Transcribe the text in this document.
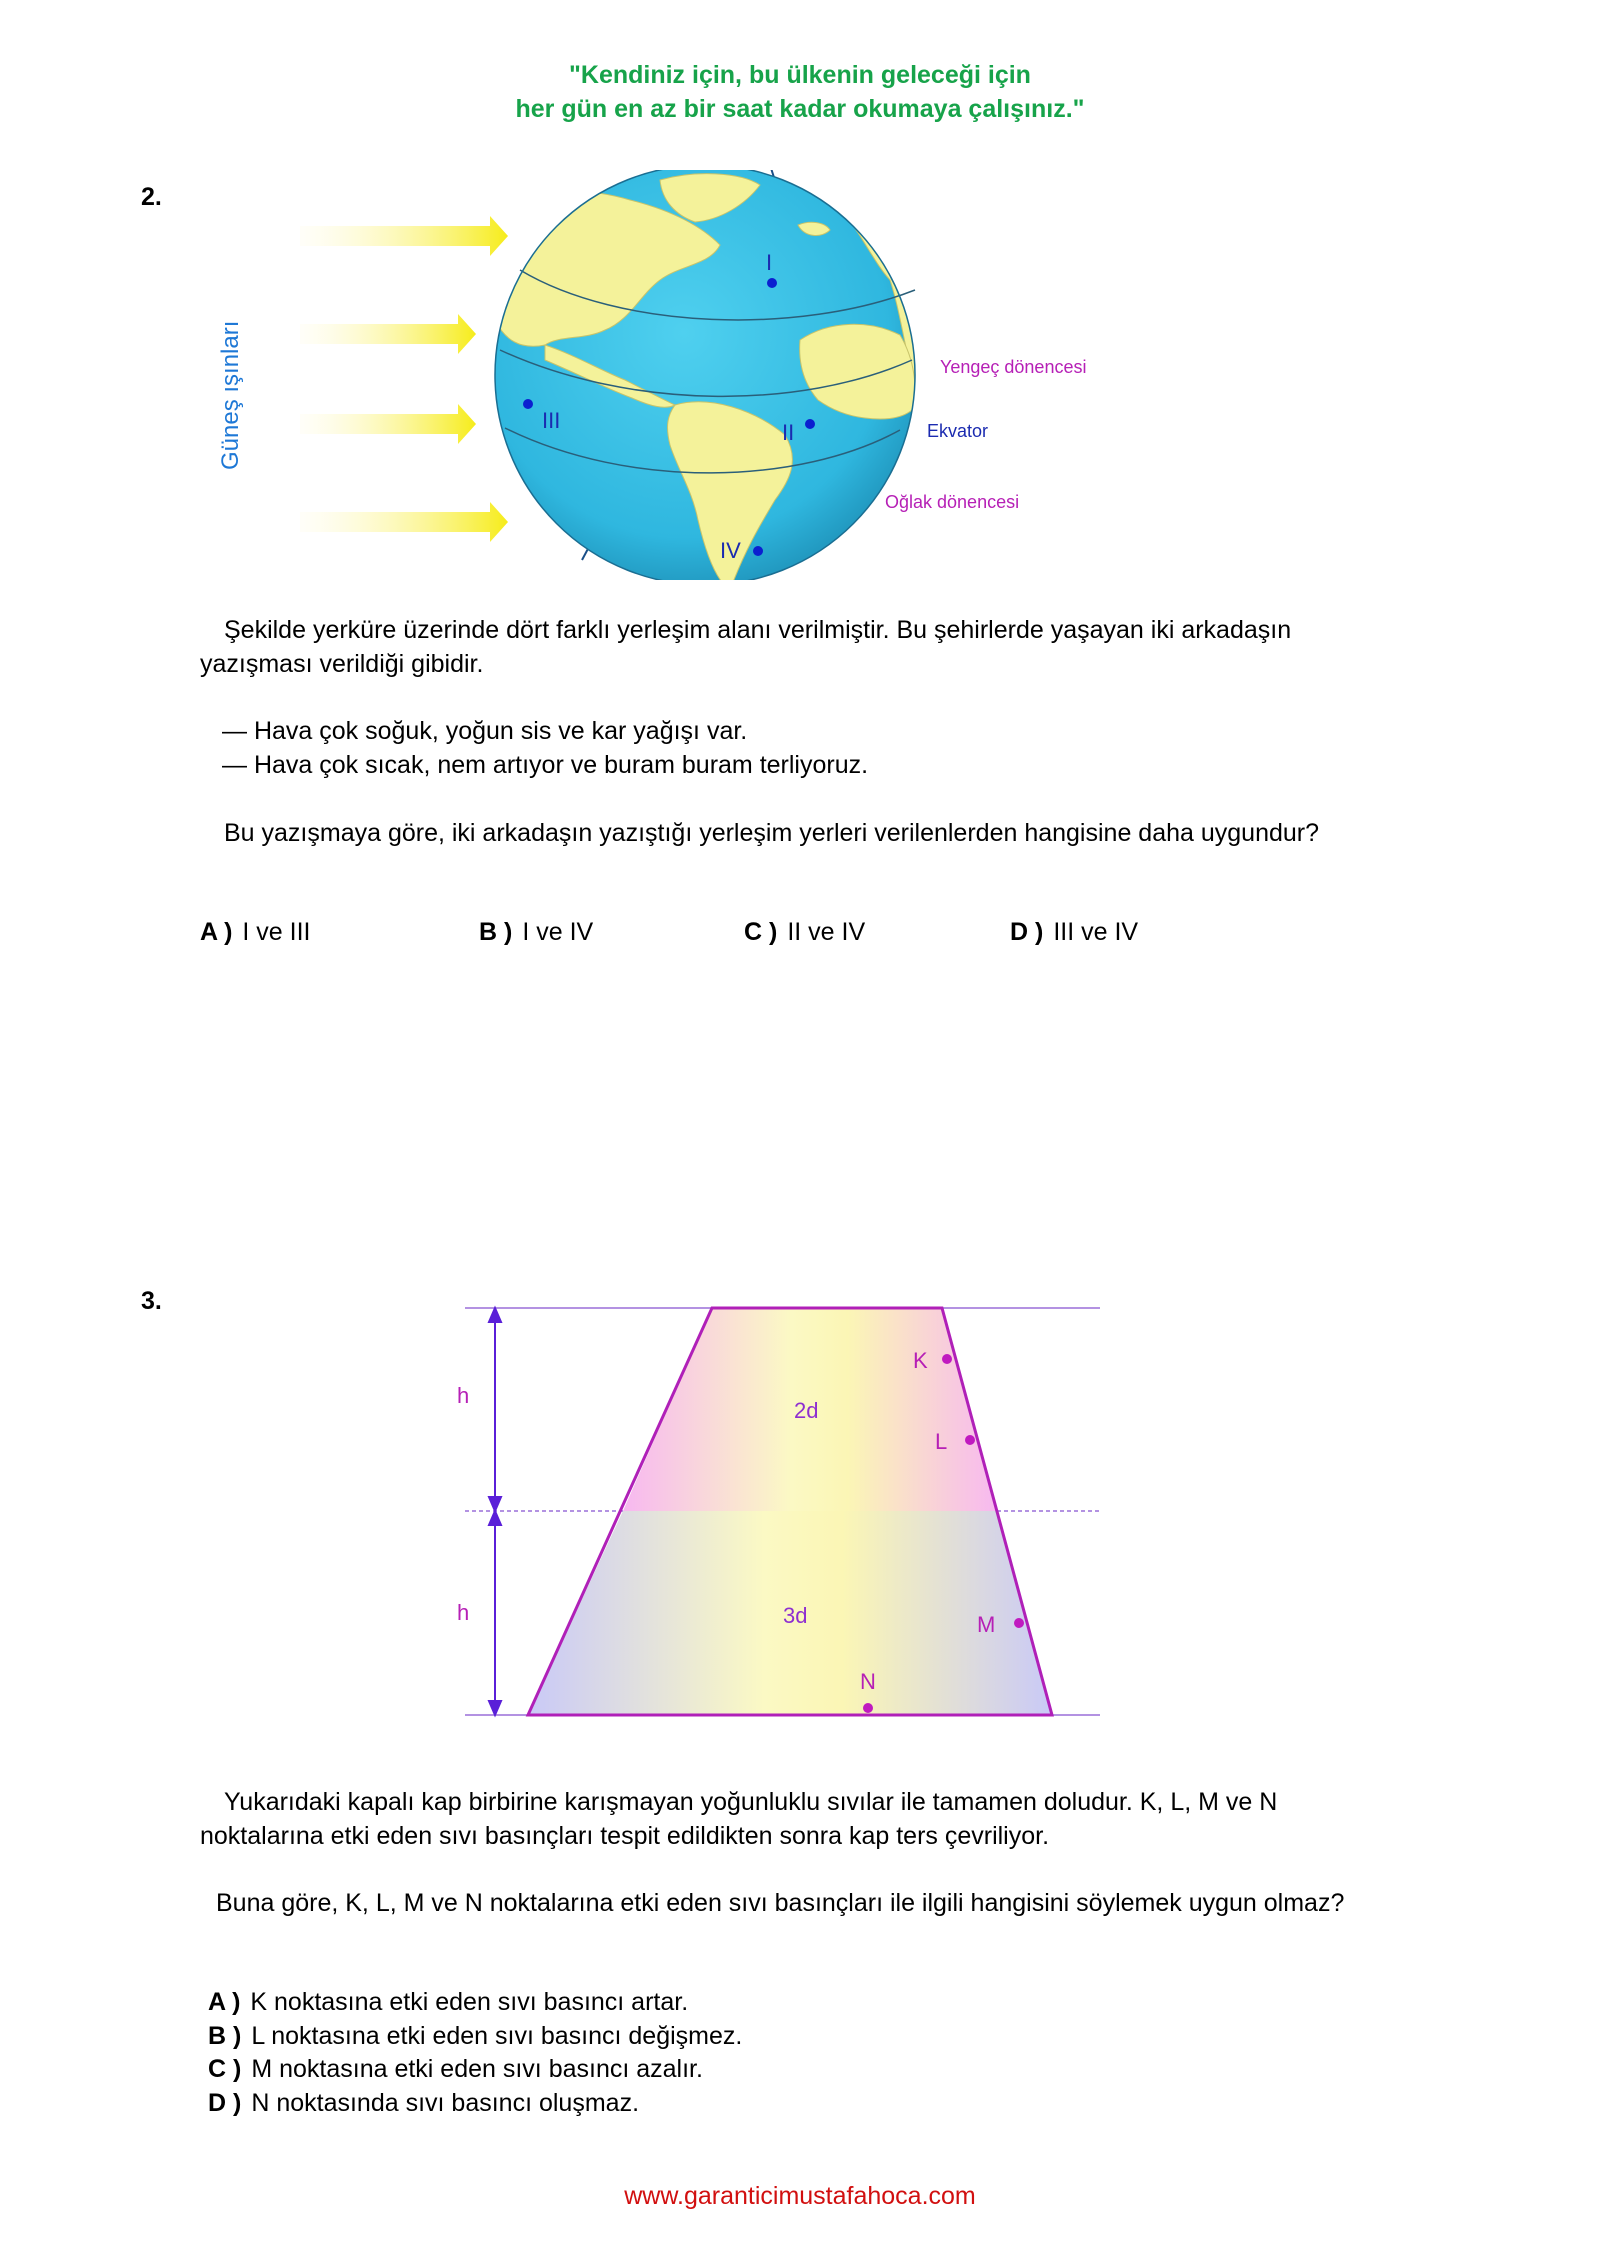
"Kendiniz için, bu ülkenin geleceği için
her gün en az bir saat kadar okumaya çalışınız."
2.
Güneş ışınları
I
II
III
IV
Yengeç dönencesi
Ekvator
Oğlak dönencesi
Şekilde yerküre üzerinde dört farklı yerleşim alanı verilmiştir. Bu şehirlerde yaşayan iki arkadaşın
yazışması verildiği gibidir.
— Hava çok soğuk, yoğun sis ve kar yağışı var.
— Hava çok sıcak, nem artıyor ve buram buram terliyoruz.
Bu yazışmaya göre, iki arkadaşın yazıştığı yerleşim yerleri verilenlerden hangisine daha uygundur?
A ) I ve III	B ) I ve IV	C ) II ve IV	D ) III ve IV
3.
h
h
2d
3d
K
L
M
N
Yukarıdaki kapalı kap birbirine karışmayan yoğunluklu sıvılar ile tamamen doludur. K, L, M ve N
noktalarına etki eden sıvı basınçları tespit edildikten sonra kap ters çevriliyor.
Buna göre, K, L, M ve N noktalarına etki eden sıvı basınçları ile ilgili hangisini söylemek uygun olmaz?
A ) K noktasına etki eden sıvı basıncı artar.
B ) L noktasına etki eden sıvı basıncı değişmez.
C ) M noktasına etki eden sıvı basıncı azalır.
D ) N noktasında sıvı basıncı oluşmaz.
www.garanticimustafahoca.com
